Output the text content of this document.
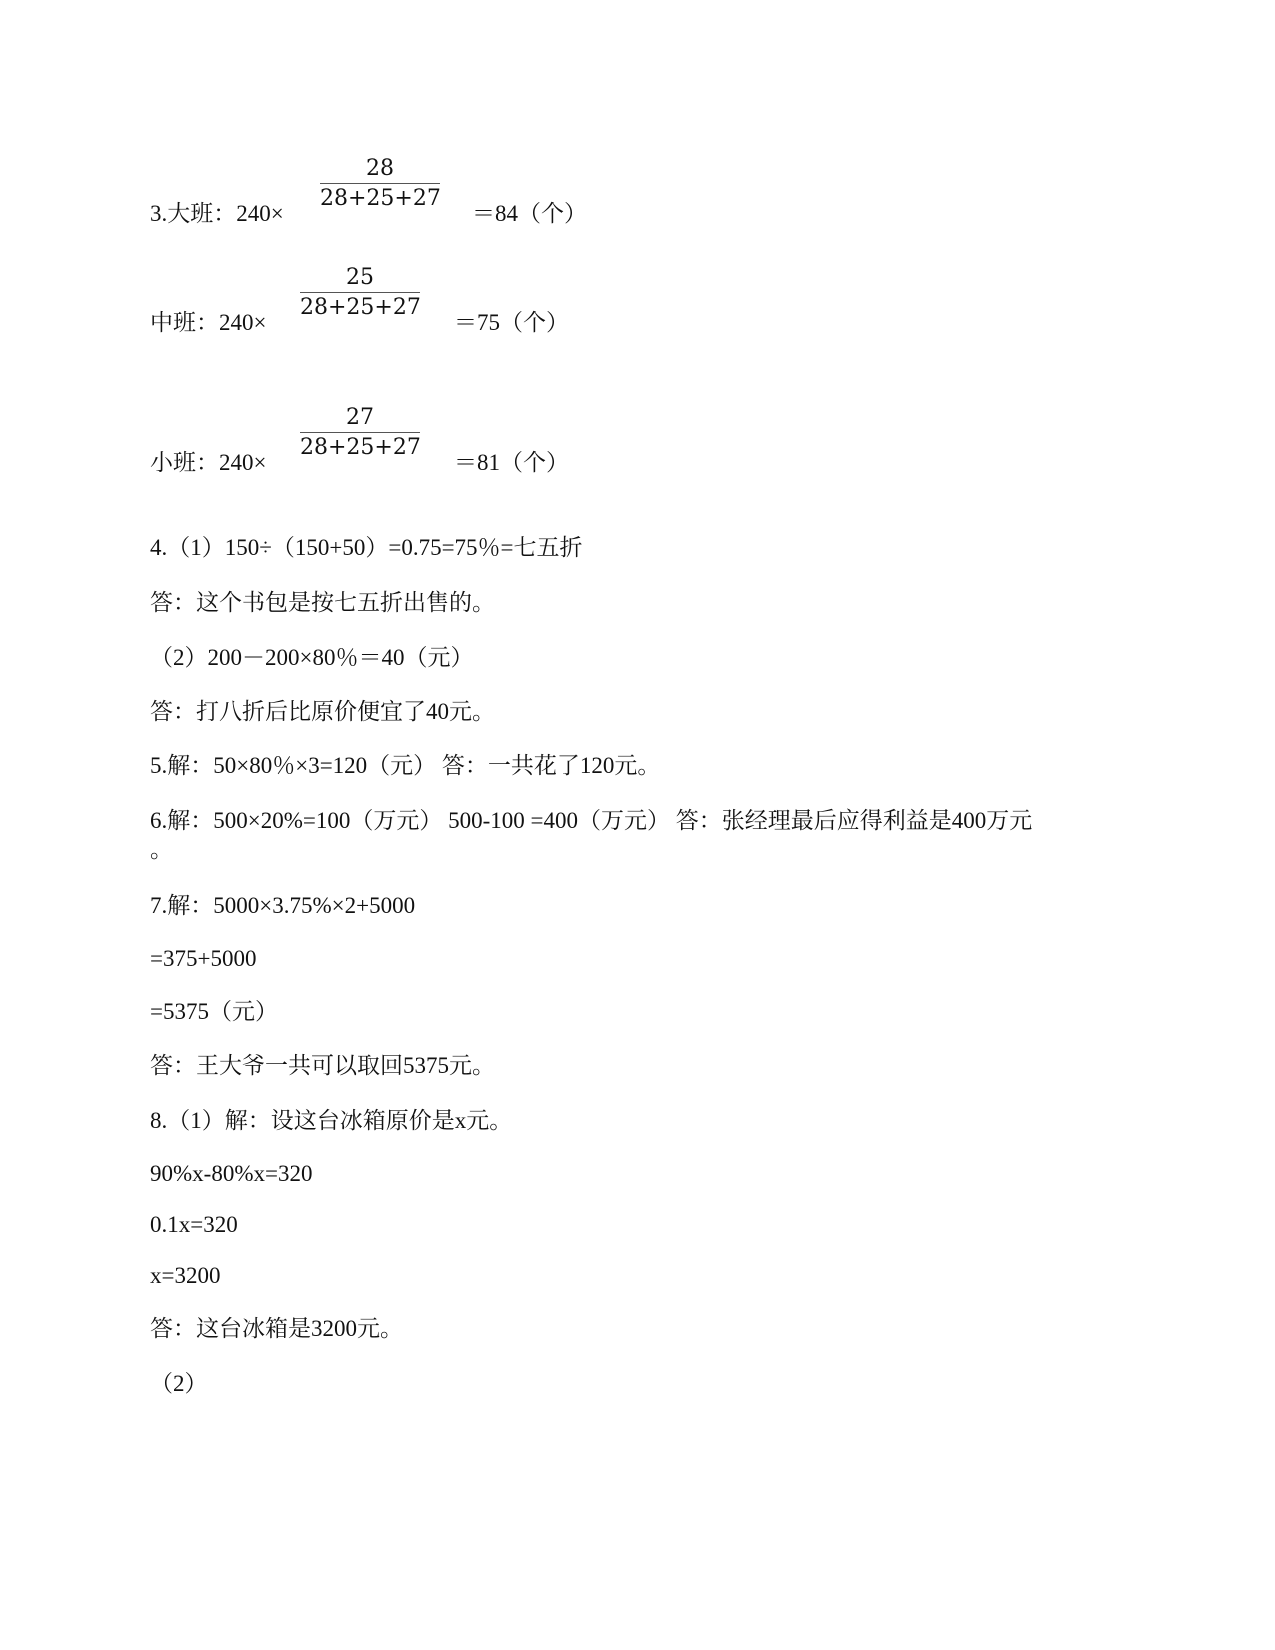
3.大班：240×
28
28+25+27
＝84（个）
中班：240×
25
28+25+27
＝75（个）
小班：240×
27
28+25+27
＝81（个）
4.（1）150÷（150+50）=0.75=75％=七五折
答：这个书包是按七五折出售的。
（2）200－200×80％＝40（元）
答：打八折后比原价便宜了40元。
5.解：50×80％×3=120（元） 答：一共花了120元。
6.解：500×20%=100（万元） 500-100 =400（万元） 答：张经理最后应得利益是400万元
。
7.解：5000×3.75%×2+5000
=375+5000
=5375（元）
答：王大爷一共可以取回5375元。
8.（1）解：设这台冰箱原价是x元。
90%x-80%x=320
0.1x=320
x=3200
答：这台冰箱是3200元。
（2）
